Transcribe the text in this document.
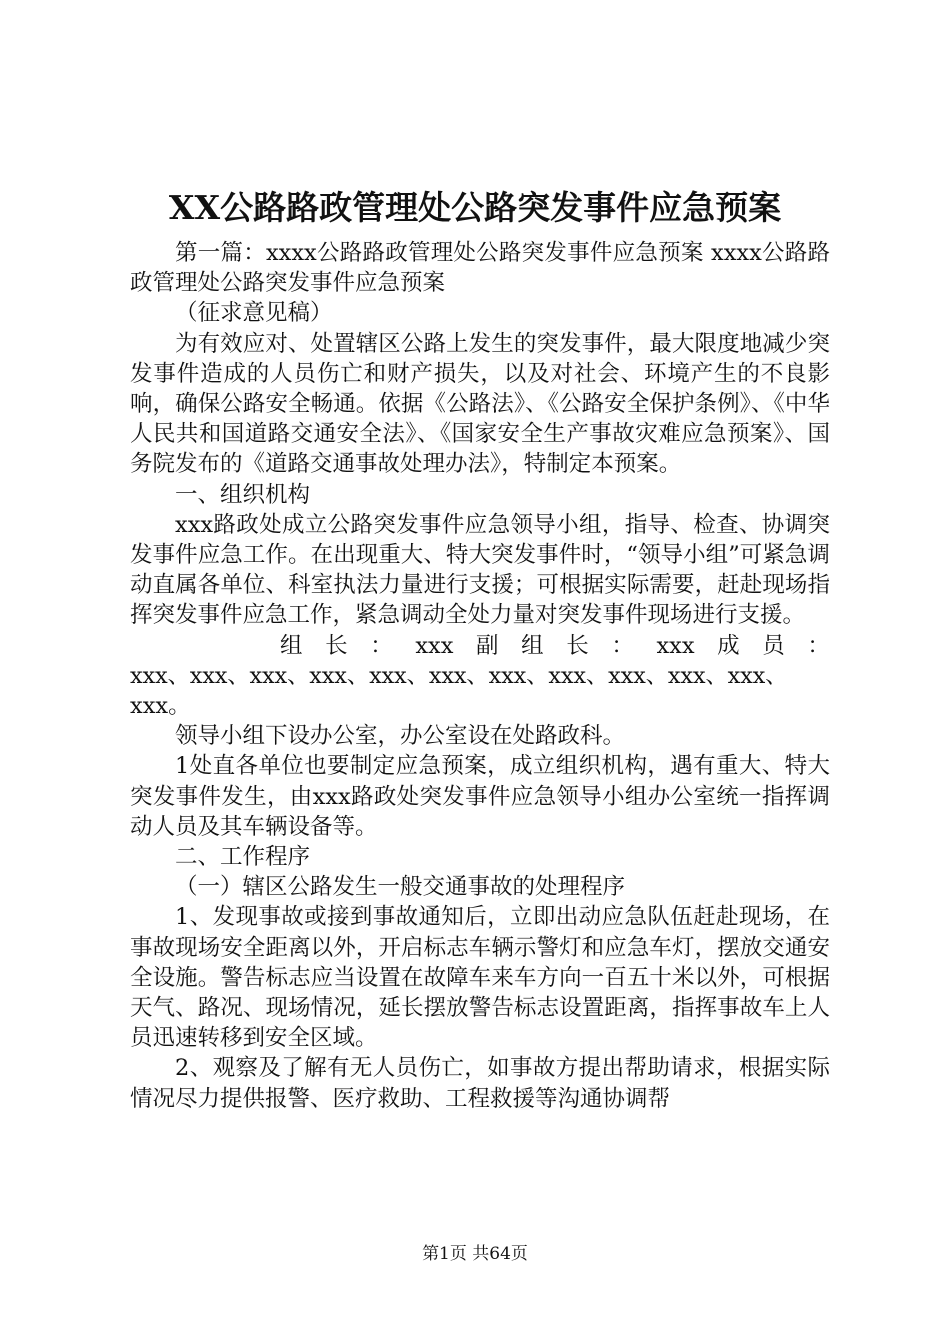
XX公路路政管理处公路突发事件应急预案

第一篇：xxxx公路路政管理处公路突发事件应急预案 xxxx公路路政管理处公路突发事件应急预案

（征求意见稿）

为有效应对、处置辖区公路上发生的突发事件，最大限度地减少突发事件造成的人员伤亡和财产损失，以及对社会、环境产生的不良影响，确保公路安全畅通。依据《公路法》、《公路安全保护条例》、《中华人民共和国道路交通安全法》、《国家安全生产事故灾难应急预案》、国务院发布的《道路交通事故处理办法》，特制定本预案。

一、组织机构

xxx路政处成立公路突发事件应急领导小组，指导、检查、协调突发事件应急工作。在出现重大、特大突发事件时，“领导小组”可紧急调动直属各单位、科室执法力量进行支援；可根据实际需要，赶赴现场指挥突发事件应急工作，紧急调动全处力量对突发事件现场进行支援。

组 长 ： xxx 副 组 长 ： xxx 成 员 ：

xxx、xxx、xxx、xxx、xxx、xxx、xxx、xxx、xxx、xxx、xxx、

xxx。

领导小组下设办公室，办公室设在处路政科。

1处直各单位也要制定应急预案，成立组织机构，遇有重大、特大突发事件发生，由xxx路政处突发事件应急领导小组办公室统一指挥调动人员及其车辆设备等。

二、工作程序

（一）辖区公路发生一般交通事故的处理程序

1、发现事故或接到事故通知后，立即出动应急队伍赶赴现场，在事故现场安全距离以外，开启标志车辆示警灯和应急车灯，摆放交通安全设施。警告标志应当设置在故障车来车方向一百五十米以外，可根据天气、路况、现场情况，延长摆放警告标志设置距离，指挥事故车上人员迅速转移到安全区域。

2、观察及了解有无人员伤亡，如事故方提出帮助请求，根据实际情况尽力提供报警、医疗救助、工程救援等沟通协调帮

第1页 共64页
